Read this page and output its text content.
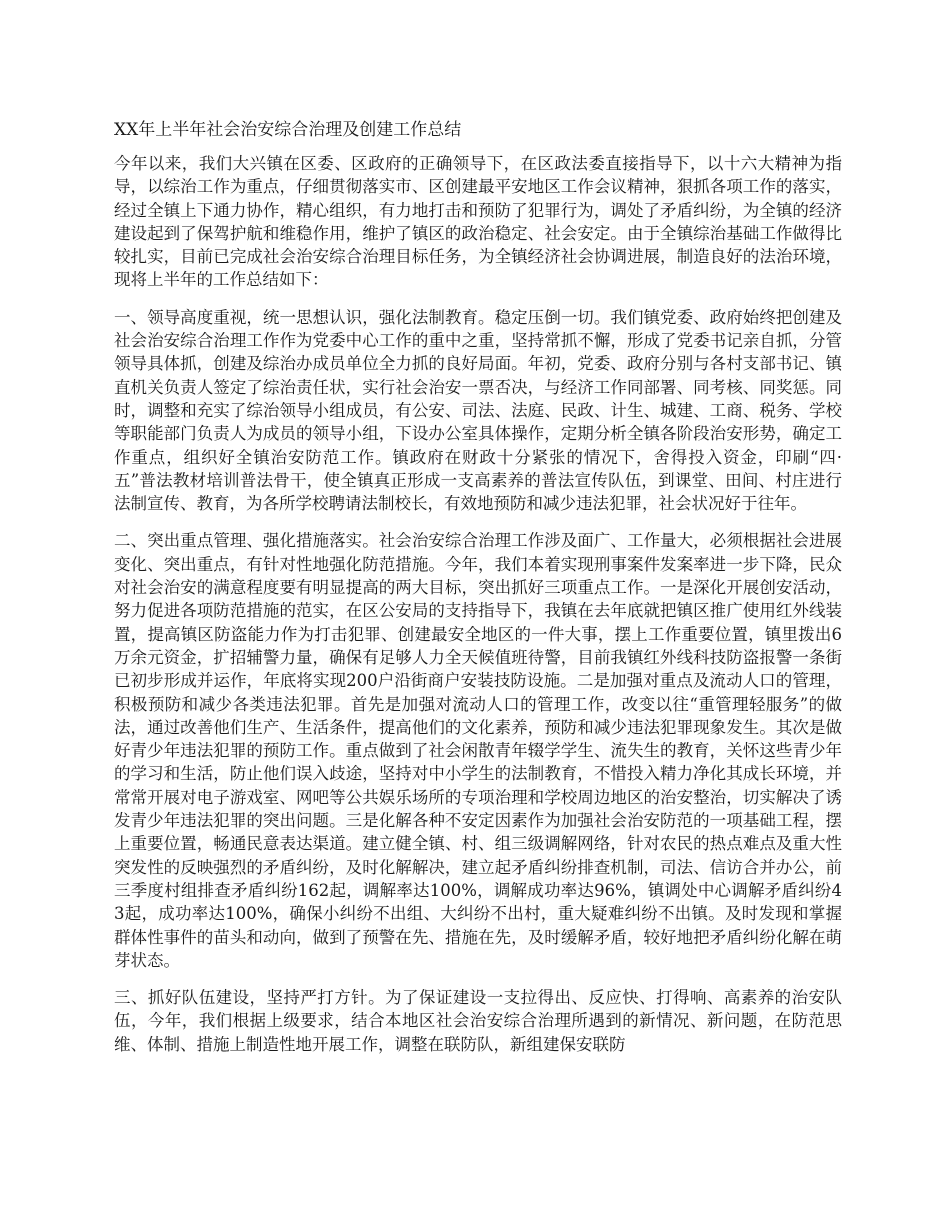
XX年上半年社会治安综合治理及创建工作总结

今年以来，我们大兴镇在区委、区政府的正确领导下，在区政法委直接指导下，以十六大精神为指导，以综治工作为重点，仔细贯彻落实市、区创建最平安地区工作会议精神，狠抓各项工作的落实，经过全镇上下通力协作，精心组织，有力地打击和预防了犯罪行为，调处了矛盾纠纷，为全镇的经济建设起到了保驾护航和维稳作用，维护了镇区的政治稳定、社会安定。由于全镇综治基础工作做得比较扎实，目前已完成社会治安综合治理目标任务，为全镇经济社会协调进展，制造良好的法治环境，现将上半年的工作总结如下：

一、领导高度重视，统一思想认识，强化法制教育。稳定压倒一切。我们镇党委、政府始终把创建及社会治安综合治理工作作为党委中心工作的重中之重，坚持常抓不懈，形成了党委书记亲自抓，分管领导具体抓，创建及综治办成员单位全力抓的良好局面。年初，党委、政府分别与各村支部书记、镇直机关负责人签定了综治责任状，实行社会治安一票否决，与经济工作同部署、同考核、同奖惩。同时，调整和充实了综治领导小组成员，有公安、司法、法庭、民政、计生、城建、工商、税务、学校等职能部门负责人为成员的领导小组，下设办公室具体操作，定期分析全镇各阶段治安形势，确定工作重点，组织好全镇治安防范工作。镇政府在财政十分紧张的情况下，舍得投入资金，印刷“四·五”普法教材培训普法骨干，使全镇真正形成一支高素养的普法宣传队伍，到课堂、田间、村庄进行法制宣传、教育，为各所学校聘请法制校长，有效地预防和减少违法犯罪，社会状况好于往年。

二、突出重点管理、强化措施落实。社会治安综合治理工作涉及面广、工作量大，必须根据社会进展变化、突出重点，有针对性地强化防范措施。今年，我们本着实现刑事案件发案率进一步下降，民众对社会治安的满意程度要有明显提高的两大目标，突出抓好三项重点工作。一是深化开展创安活动，努力促进各项防范措施的范实，在区公安局的支持指导下，我镇在去年底就把镇区推广使用红外线装置，提高镇区防盗能力作为打击犯罪、创建最安全地区的一件大事，摆上工作重要位置，镇里拨出6万余元资金，扩招辅警力量，确保有足够人力全天候值班待警，目前我镇红外线科技防盗报警一条街已初步形成并运作，年底将实现200户沿街商户安装技防设施。二是加强对重点及流动人口的管理，积极预防和减少各类违法犯罪。首先是加强对流动人口的管理工作，改变以往“重管理轻服务”的做法，通过改善他们生产、生活条件，提高他们的文化素养，预防和减少违法犯罪现象发生。其次是做好青少年违法犯罪的预防工作。重点做到了社会闲散青年辍学学生、流失生的教育，关怀这些青少年的学习和生活，防止他们误入歧途，坚持对中小学生的法制教育，不惜投入精力净化其成长环境，并常常开展对电子游戏室、网吧等公共娱乐场所的专项治理和学校周边地区的治安整治，切实解决了诱发青少年违法犯罪的突出问题。三是化解各种不安定因素作为加强社会治安防范的一项基础工程，摆上重要位置，畅通民意表达渠道。建立健全镇、村、组三级调解网络，针对农民的热点难点及重大性突发性的反映强烈的矛盾纠纷，及时化解解决，建立起矛盾纠纷排查机制，司法、信访合并办公，前三季度村组排查矛盾纠纷162起，调解率达100%，调解成功率达96%，镇调处中心调解矛盾纠纷43起，成功率达100%，确保小纠纷不出组、大纠纷不出村，重大疑难纠纷不出镇。及时发现和掌握群体性事件的苗头和动向，做到了预警在先、措施在先，及时缓解矛盾，较好地把矛盾纠纷化解在萌芽状态。

三、抓好队伍建设，坚持严打方针。为了保证建设一支拉得出、反应快、打得响、高素养的治安队伍，今年，我们根据上级要求，结合本地区社会治安综合治理所遇到的新情况、新问题，在防范思维、体制、措施上制造性地开展工作，调整在联防队，新组建保安联防
